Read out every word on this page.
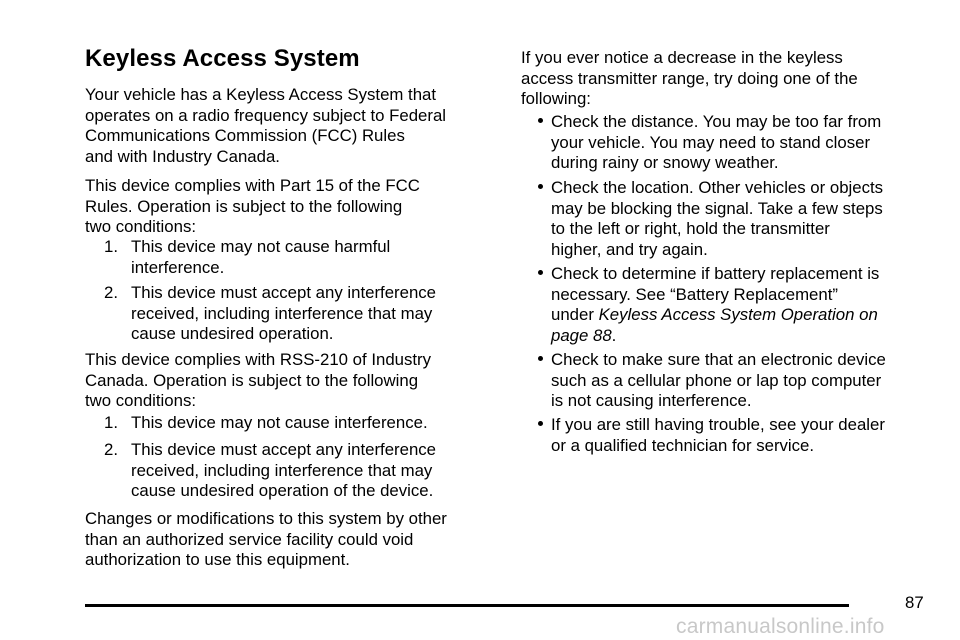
Keyless Access System

Your vehicle has a Keyless Access System that
operates on a radio frequency subject to Federal
Communications Commission (FCC) Rules
and with Industry Canada.

This device complies with Part 15 of the FCC
Rules. Operation is subject to the following
two conditions:

1. This device may not cause harmful
interference.
2. This device must accept any interference
received, including interference that may
cause undesired operation.

This device complies with RSS-210 of Industry
Canada. Operation is subject to the following
two conditions:

1. This device may not cause interference.
2. This device must accept any interference
received, including interference that may
cause undesired operation of the device.

Changes or modifications to this system by other
than an authorized service facility could void
authorization to use this equipment.

If you ever notice a decrease in the keyless
access transmitter range, try doing one of the
following:

Check the distance. You may be too far from
your vehicle. You may need to stand closer
during rainy or snowy weather.
Check the location. Other vehicles or objects
may be blocking the signal. Take a few steps
to the left or right, hold the transmitter
higher, and try again.
Check to determine if battery replacement is
necessary. See “Battery Replacement”
under Keyless Access System Operation on
page 88.
Check to make sure that an electronic device
such as a cellular phone or lap top computer
is not causing interference.
If you are still having trouble, see your dealer
or a qualified technician for service.
87
carmanualsonline.info
